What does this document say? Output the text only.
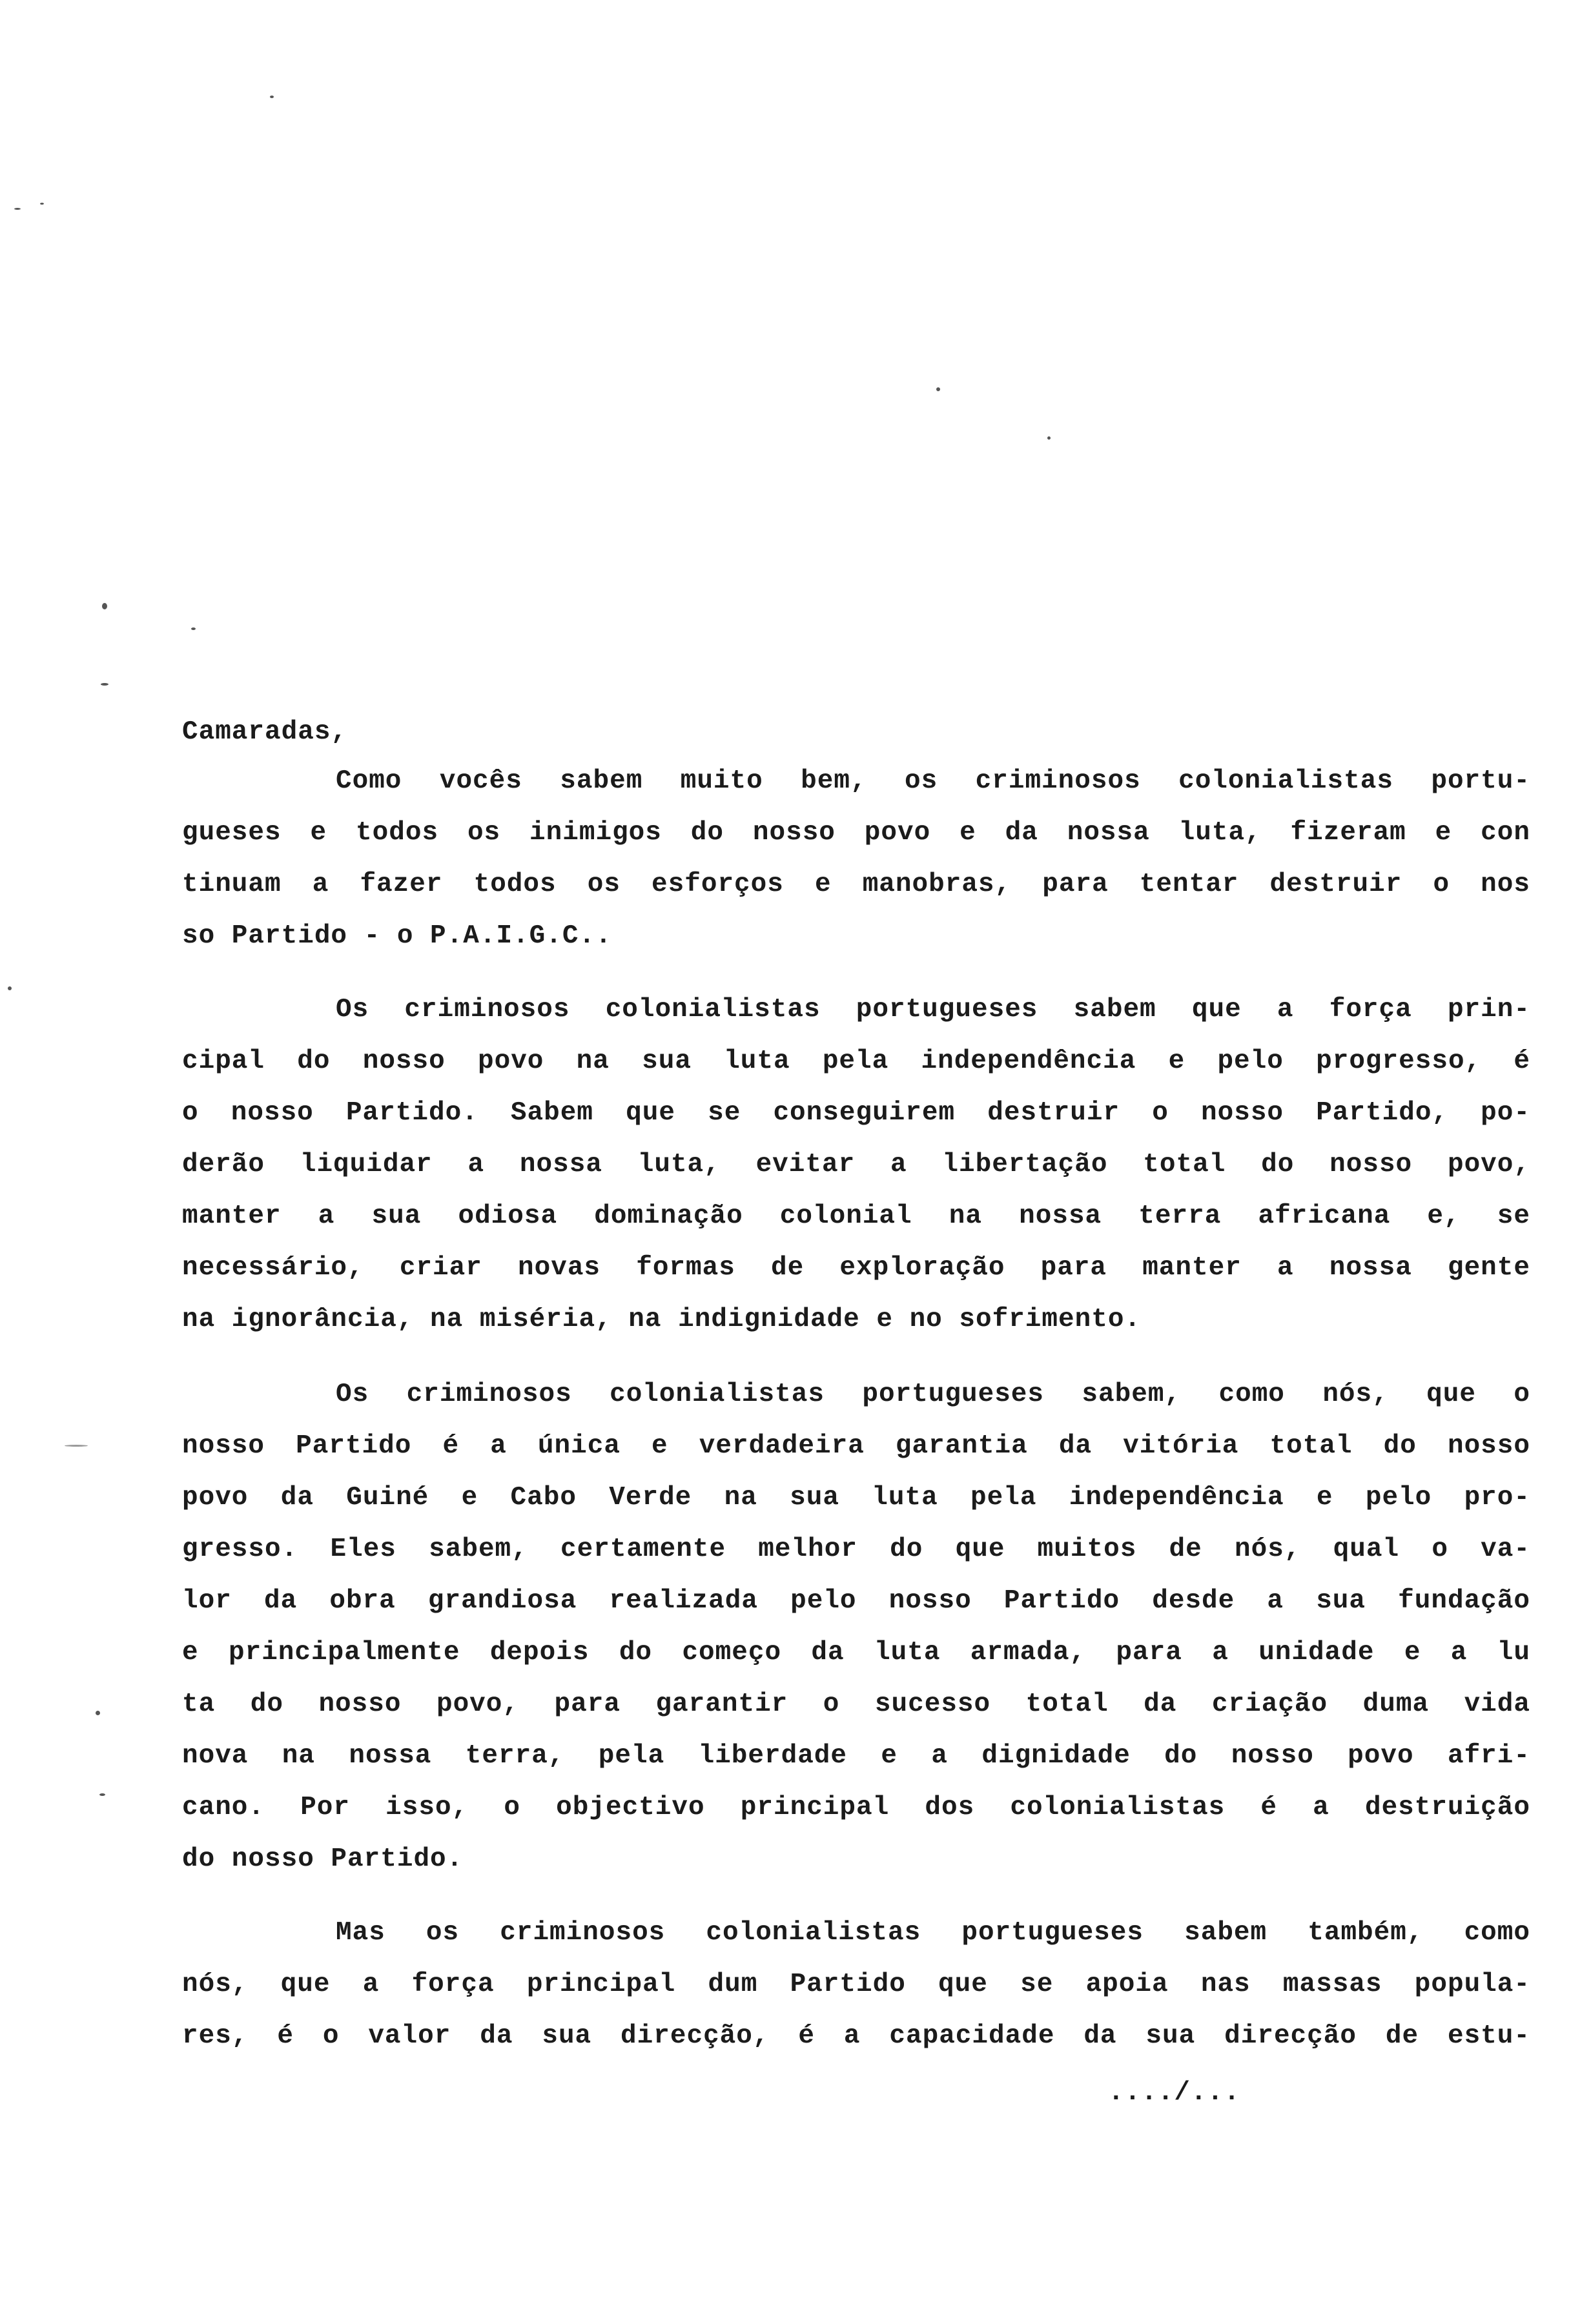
Camaradas,
Como vocês sabem muito bem, os criminosos colonialistas portu-
gueses e todos os inimigos do nosso povo e da nossa luta, fizeram e con
tinuam a fazer todos os esforços e manobras, para tentar destruir o nos
so Partido - o P.A.I.G.C..
Os criminosos colonialistas portugueses sabem que a força prin-
cipal do nosso povo na sua luta pela independência e pelo progresso, é
o nosso Partido. Sabem que se conseguirem destruir o nosso Partido, po-
derão liquidar a nossa luta, evitar a libertação total do nosso povo,
manter a sua odiosa dominação colonial na nossa terra africana e, se
necessário, criar novas formas de exploração para manter a nossa gente
na ignorância, na miséria, na indignidade e no sofrimento.
Os criminosos colonialistas portugueses sabem, como nós, que o
nosso Partido é a única e verdadeira garantia da vitória total do nosso
povo da Guiné e Cabo Verde na sua luta pela independência e pelo pro-
gresso. Eles sabem, certamente melhor do que muitos de nós, qual o va-
lor da obra grandiosa realizada pelo nosso Partido desde a sua fundação
e principalmente depois do começo da luta armada, para a unidade e a lu
ta do nosso povo, para garantir o sucesso total da criação duma vida
nova na nossa terra, pela liberdade e a dignidade do nosso povo afri-
cano. Por isso, o objectivo principal dos colonialistas é a destruição
do nosso Partido.
Mas os criminosos colonialistas portugueses sabem também, como
nós, que a força principal dum Partido que se apoia nas massas popula-
res, é o valor da sua direcção, é a capacidade da sua direcção de estu-
..../...
